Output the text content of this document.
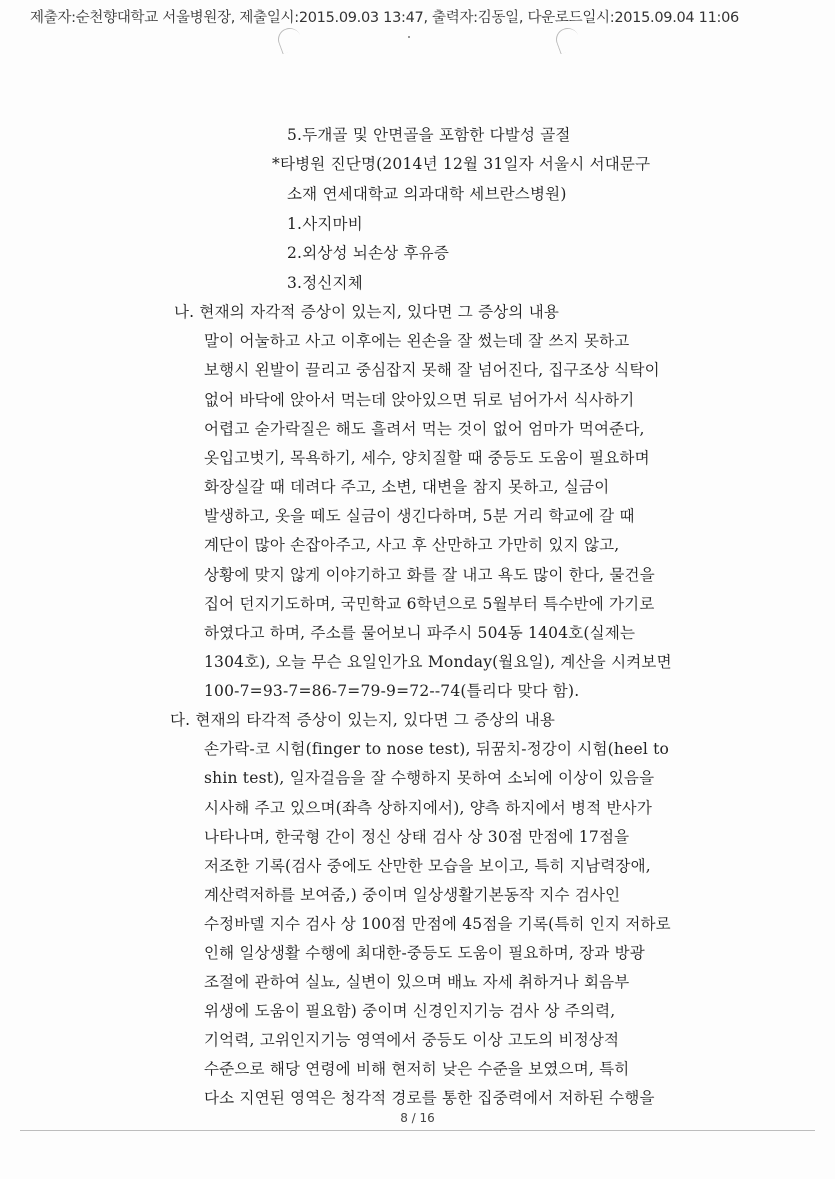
제출자:순천향대학교 서울병원장, 제출일시:2015.09.03 13:47, 출력자:김동일, 다운로드일시:2015.09.04 11:06
5.두개골 및 안면골을 포함한 다발성 골절
*타병원 진단명(2014년 12월 31일자 서울시 서대문구
소재 연세대학교 의과대학 세브란스병원)
1.사지마비
2.외상성 뇌손상 후유증
3.정신지체
나. 현재의 자각적 증상이 있는지, 있다면 그 증상의 내용
말이 어눌하고 사고 이후에는 왼손을 잘 썼는데 잘 쓰지 못하고
보행시 왼발이 끌리고 중심잡지 못해 잘 넘어진다, 집구조상 식탁이
없어 바닥에 앉아서 먹는데 앉아있으면 뒤로 넘어가서 식사하기
어렵고 숟가락질은 해도 흘려서 먹는 것이 없어 엄마가 먹여준다,
옷입고벗기, 목욕하기, 세수, 양치질할 때 중등도 도움이 필요하며
화장실갈 때 데려다 주고, 소변, 대변을 참지 못하고, 실금이
발생하고, 옷을 떼도 실금이 생긴다하며, 5분 거리 학교에 갈 때
계단이 많아 손잡아주고, 사고 후 산만하고 가만히 있지 않고,
상황에 맞지 않게 이야기하고 화를 잘 내고 욕도 많이 한다, 물건을
집어 던지기도하며, 국민학교 6학년으로 5월부터 특수반에 가기로
하였다고 하며, 주소를 물어보니 파주시 504동 1404호(실제는
1304호), 오늘 무슨 요일인가요 Monday(월요일), 계산을 시켜보면
100-7=93-7=86-7=79-9=72--74(틀리다 맞다 함).
다. 현재의 타각적 증상이 있는지, 있다면 그 증상의 내용
손가락-코 시험(finger to nose test), 뒤꿈치-정강이 시험(heel to
shin test), 일자걸음을 잘 수행하지 못하여 소뇌에 이상이 있음을
시사해 주고 있으며(좌측 상하지에서), 양측 하지에서 병적 반사가
나타나며, 한국형 간이 정신 상태 검사 상 30점 만점에 17점을
저조한 기록(검사 중에도 산만한 모습을 보이고, 특히 지남력장애,
계산력저하를 보여줌,) 중이며 일상생활기본동작 지수 검사인
수정바델 지수 검사 상 100점 만점에 45점을 기록(특히 인지 저하로
인해 일상생활 수행에 최대한-중등도 도움이 필요하며, 장과 방광
조절에 관하여 실뇨, 실변이 있으며 배뇨 자세 취하거나 회음부
위생에 도움이 필요함) 중이며 신경인지기능 검사 상 주의력,
기억력, 고위인지기능 영역에서 중등도 이상 고도의 비정상적
수준으로 해당 연령에 비해 현저히 낮은 수준을 보였으며, 특히
다소 지연된 영역은 청각적 경로를 통한 집중력에서 저하된 수행을
8 / 16
